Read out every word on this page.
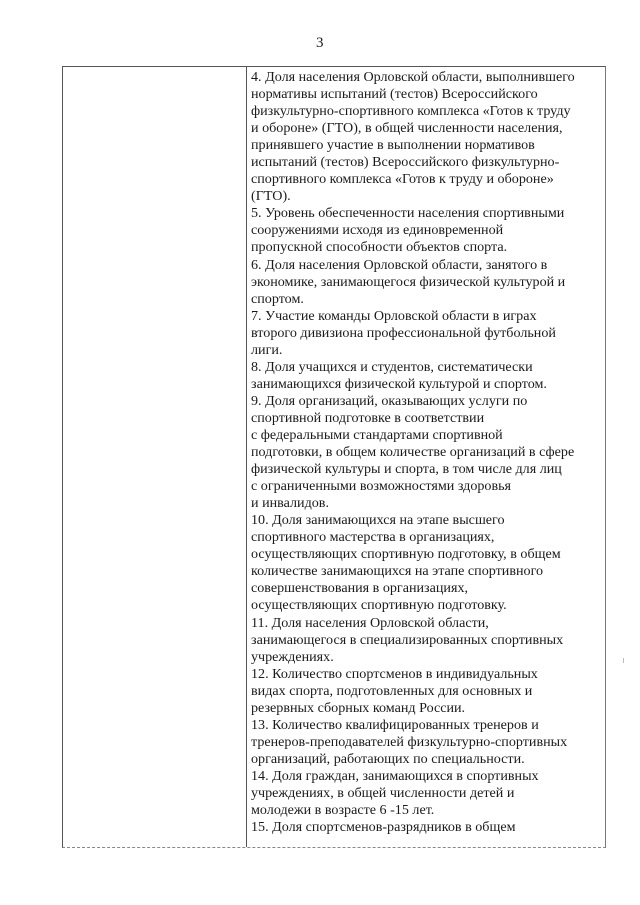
3
4. Доля населения Орловской области, выполнившего
нормативы испытаний (тестов) Всероссийского
физкультурно-спортивного комплекса «Готов к труду
и обороне» (ГТО), в общей численности населения,
принявшего участие в выполнении нормативов
испытаний (тестов) Всероссийского физкультурно-
спортивного комплекса «Готов к труду и обороне»
(ГТО).
5. Уровень обеспеченности населения спортивными
сооружениями исходя из единовременной
пропускной способности объектов спорта.
6. Доля населения Орловской области, занятого в
экономике, занимающегося физической культурой и
спортом.
7. Участие команды Орловской области в играх
второго дивизиона профессиональной футбольной
лиги.
8. Доля учащихся и студентов, систематически
занимающихся физической культурой и спортом.
9. Доля организаций, оказывающих услуги по
спортивной подготовке в соответствии
с федеральными стандартами спортивной
подготовки, в общем количестве организаций в сфере
физической культуры и спорта, в том числе для лиц
с ограниченными возможностями здоровья
и инвалидов.
10. Доля занимающихся на этапе высшего
спортивного мастерства в организациях,
осуществляющих спортивную подготовку, в общем
количестве занимающихся на этапе спортивного
совершенствования в организациях,
осуществляющих спортивную подготовку.
11. Доля населения Орловской области,
занимающегося в специализированных спортивных
учреждениях.
12. Количество спортсменов в индивидуальных
видах спорта, подготовленных для основных и
резервных сборных команд России.
13. Количество квалифицированных тренеров и
тренеров-преподавателей физкультурно-спортивных
организаций, работающих по специальности.
14. Доля граждан, занимающихся в спортивных
учреждениях, в общей численности детей и
молодежи в возрасте 6 -15 лет.
15. Доля спортсменов-разрядников в общем
